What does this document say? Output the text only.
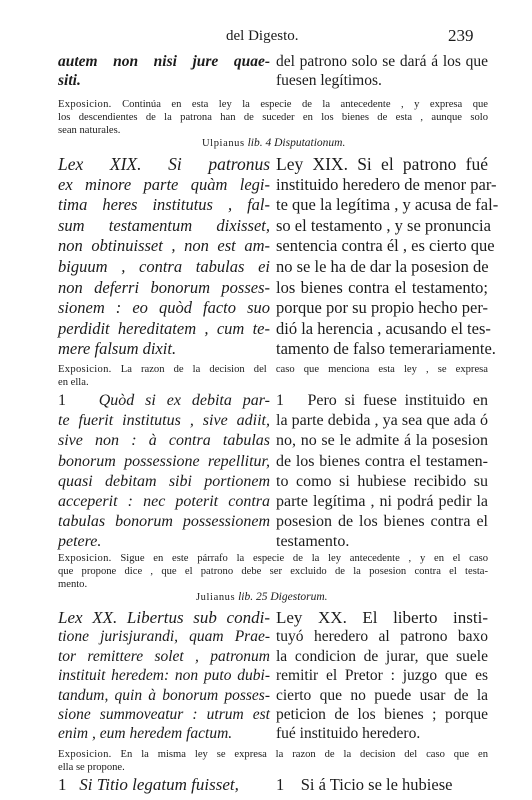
del Digesto.	239
autem non nisi jure quae-
siti.
del patrono solo se dará á los que
fuesen legítimos.
Exposicion. Continúa en esta ley la especie de la antecedente , y expresa que
los descendientes de la patrona han de suceder en los bienes de esta , aunque solo
sean naturales.
Ulpianus lib. 4 Disputationum.
Lex XIX. Si patronus
ex minore parte quàm legi-
tima heres institutus , fal-
sum testamentum dixisset,
non obtinuisset , non est am-
biguum , contra tabulas ei
non deferri bonorum posses-
sionem : eo quòd facto suo
perdidit hereditatem , cum te-
mere falsum dixit.
Ley XIX. Si el patrono fué
instituido heredero de menor par-
te que la legítima , y acusa de fal-
so el testamento , y se pronuncia
sentencia contra él , es cierto que
no se le ha de dar la posesion de
los bienes contra el testamento;
porque por su propio hecho per-
dió la herencia , acusando el tes-
tamento de falso temerariamente.
Exposicion. La razon de la decision del caso que menciona esta ley , se expresa
en ella.
1 Quòd si ex debita par-
te fuerit institutus , sive adiit,
sive non : à contra tabulas
bonorum possessione repellitur,
quasi debitam sibi portionem
acceperit : nec poterit contra
tabulas bonorum possessionem
petere.
1 Pero si fuese instituido en
la parte debida , ya sea que ada ó
no, no se le admite á la posesion
de los bienes contra el testamen-
to como si hubiese recibido su
parte legítima , ni podrá pedir la
posesion de los bienes contra el
testamento.
Exposicion. Sigue en este párrafo la especie de la ley antecedente , y en el caso
que propone dice , que el patrono debe ser excluido de la posesion contra el testa-
mento.
Julianus lib. 25 Digestorum.
Lex XX. Libertus sub condi-
tione jurisjurandi, quam Prae-
tor remittere solet , patronum
instituit heredem: non puto dubi-
tandum, quin à bonorum posses-
sione summoveatur : utrum est
enim , eum heredem factum.
Ley XX. El liberto insti-
tuyó heredero al patrono baxo
la condicion de jurar, que suele
remitir el Pretor : juzgo que es
cierto que no puede usar de la
peticion de los bienes ; porque
fué instituido heredero.
Exposicion. En la misma ley se expresa la razon de la decision del caso que en
ella se propone.
1 Si Titio legatum fuisset,	1 Si á Ticio se le hubiese
